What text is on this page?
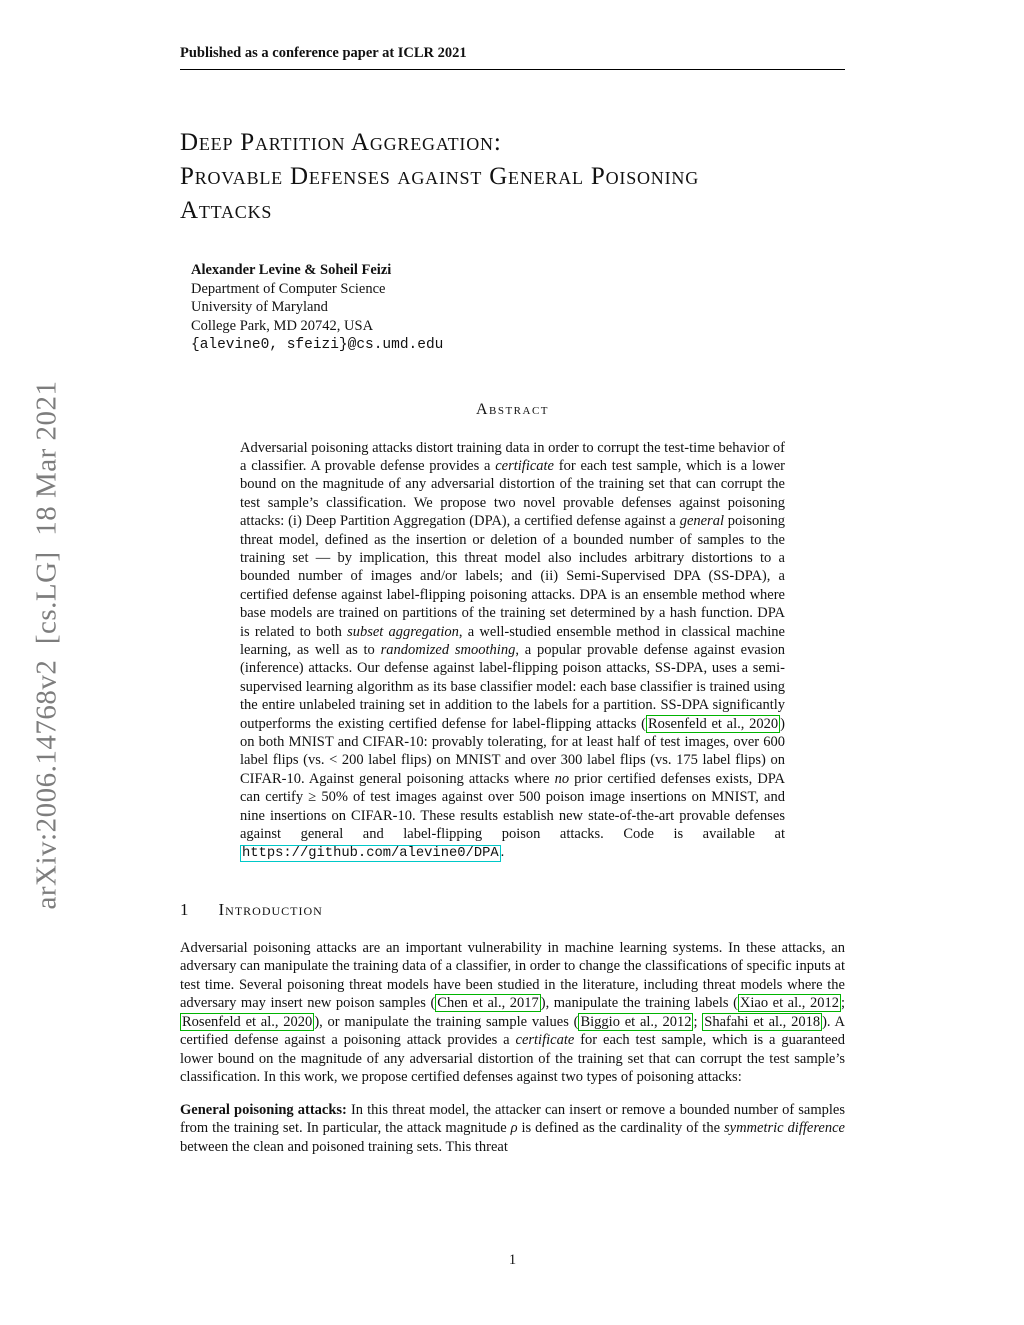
arXiv:2006.14768v2  [cs.LG]  18 Mar 2021
Published as a conference paper at ICLR 2021
Deep Partition Aggregation:
Provable Defenses against General Poisoning
Attacks
Alexander Levine & Soheil Feizi
Department of Computer Science
University of Maryland
College Park, MD 20742, USA
{alevine0, sfeizi}@cs.umd.edu
Abstract

Adversarial poisoning attacks distort training data in order to corrupt the test-time behavior of a classifier. A provable defense provides a certificate for each test sample, which is a lower bound on the magnitude of any adversarial distortion of the training set that can corrupt the test sample’s classification. We propose two novel provable defenses against poisoning attacks: (i) Deep Partition Aggregation (DPA), a certified defense against a general poisoning threat model, defined as the insertion or deletion of a bounded number of samples to the training set — by implication, this threat model also includes arbitrary distortions to a bounded number of images and/or labels; and (ii) Semi-Supervised DPA (SS-DPA), a certified defense against label-flipping poisoning attacks. DPA is an ensemble method where base models are trained on partitions of the training set determined by a hash function. DPA is related to both subset aggregation, a well-studied ensemble method in classical machine learning, as well as to randomized smoothing, a popular provable defense against evasion (inference) attacks. Our defense against label-flipping poison attacks, SS-DPA, uses a semi-supervised learning algorithm as its base classifier model: each base classifier is trained using the entire unlabeled training set in addition to the labels for a partition. SS-DPA significantly outperforms the existing certified defense for label-flipping attacks ( Rosenfeld et al., 2020 ) on both MNIST and CIFAR-10: provably tolerating, for at least half of test images, over 600 label flips (vs. < 200 label flips) on MNIST and over 300 label flips (vs. 175 label flips) on CIFAR-10. Against general poisoning attacks where no prior certified defenses exists, DPA can certify ≥ 50% of test images against over 500 poison image insertions on MNIST, and nine insertions on CIFAR-10. These results establish new state-of-the-art provable defenses against general and label-flipping poison attacks. Code is available at https://github.com/alevine0/DPA .

1 Introduction

Adversarial poisoning attacks are an important vulnerability in machine learning systems. In these attacks, an adversary can manipulate the training data of a classifier, in order to change the classifications of specific inputs at test time. Several poisoning threat models have been studied in the literature, including threat models where the adversary may insert new poison samples ( Chen et al., 2017 ), manipulate the training labels ( Xiao et al., 2012 ; Rosenfeld et al., 2020 ), or manipulate the training sample values ( Biggio et al., 2012 ; Shafahi et al., 2018 ). A certified defense against a poisoning attack provides a certificate for each test sample, which is a guaranteed lower bound on the magnitude of any adversarial distortion of the training set that can corrupt the test sample’s classification. In this work, we propose certified defenses against two types of poisoning attacks:

General poisoning attacks: In this threat model, the attacker can insert or remove a bounded number of samples from the training set. In particular, the attack magnitude ρ is defined as the cardinality of the symmetric difference between the clean and poisoned training sets. This threat

1
